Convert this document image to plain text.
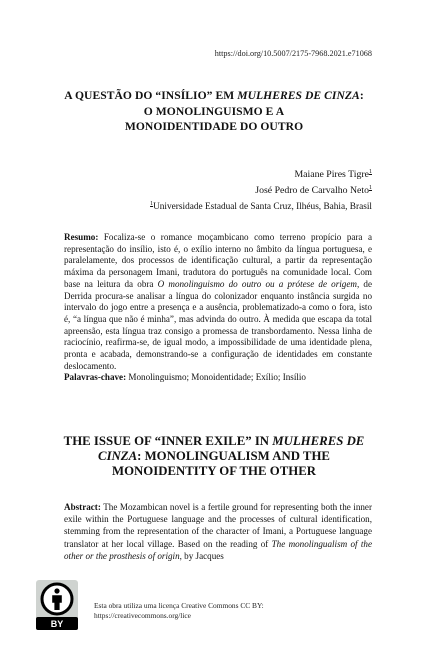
https://doi.org/10.5007/2175-7968.2021.e71068
A QUESTÃO DO “INSÍLIO” EM MULHERES DE CINZA:
O MONOLINGUISMO E A
MONOIDENTIDADE DO OUTRO
Maiane Pires Tigre$^1$
José Pedro de Carvalho Neto$^1$
$^1$Universidade Estadual de Santa Cruz, Ilhéus, Bahia, Brasil
Resumo: Focaliza-se o romance moçambicano como terreno propício para a representação do insílio, isto é, o exílio interno no âmbito da língua portuguesa, e paralelamente, dos processos de identificação cultural, a partir da representação máxima da personagem Imani, tradutora do português na comunidade local. Com base na leitura da obra O monolinguismo do outro ou a prótese de origem, de Derrida procura-se analisar a língua do colonizador enquanto instância surgida no intervalo do jogo entre a presença e a ausência, problematizado-a como o fora, isto é, “a língua que não é minha”, mas advinda do outro. À medida que escapa da total apreensão, esta língua traz consigo a promessa de transbordamento. Nessa linha de raciocínio, reafirma-se, de igual modo, a impossibilidade de uma identidade plena, pronta e acabada, demonstrando-se a configuração de identidades em constante deslocamento.
Palavras-chave: Monolinguismo; Monoidentidade; Exílio; Insílio
THE ISSUE OF “INNER EXILE” IN MULHERES DE CINZA: MONOLINGUALISM AND THE MONOIDENTITY OF THE OTHER
Abstract: The Mozambican novel is a fertile ground for representing both the inner exile within the Portuguese language and the processes of cultural identification, stemming from the representation of the character of Imani, a Portuguese language translator at her local village. Based on the reading of The monolingualism of the other or the prosthesis of origin, by Jacques
BY
Esta obra utiliza uma licença Creative Commons CC BY:
https://creativecommons.org/lice
